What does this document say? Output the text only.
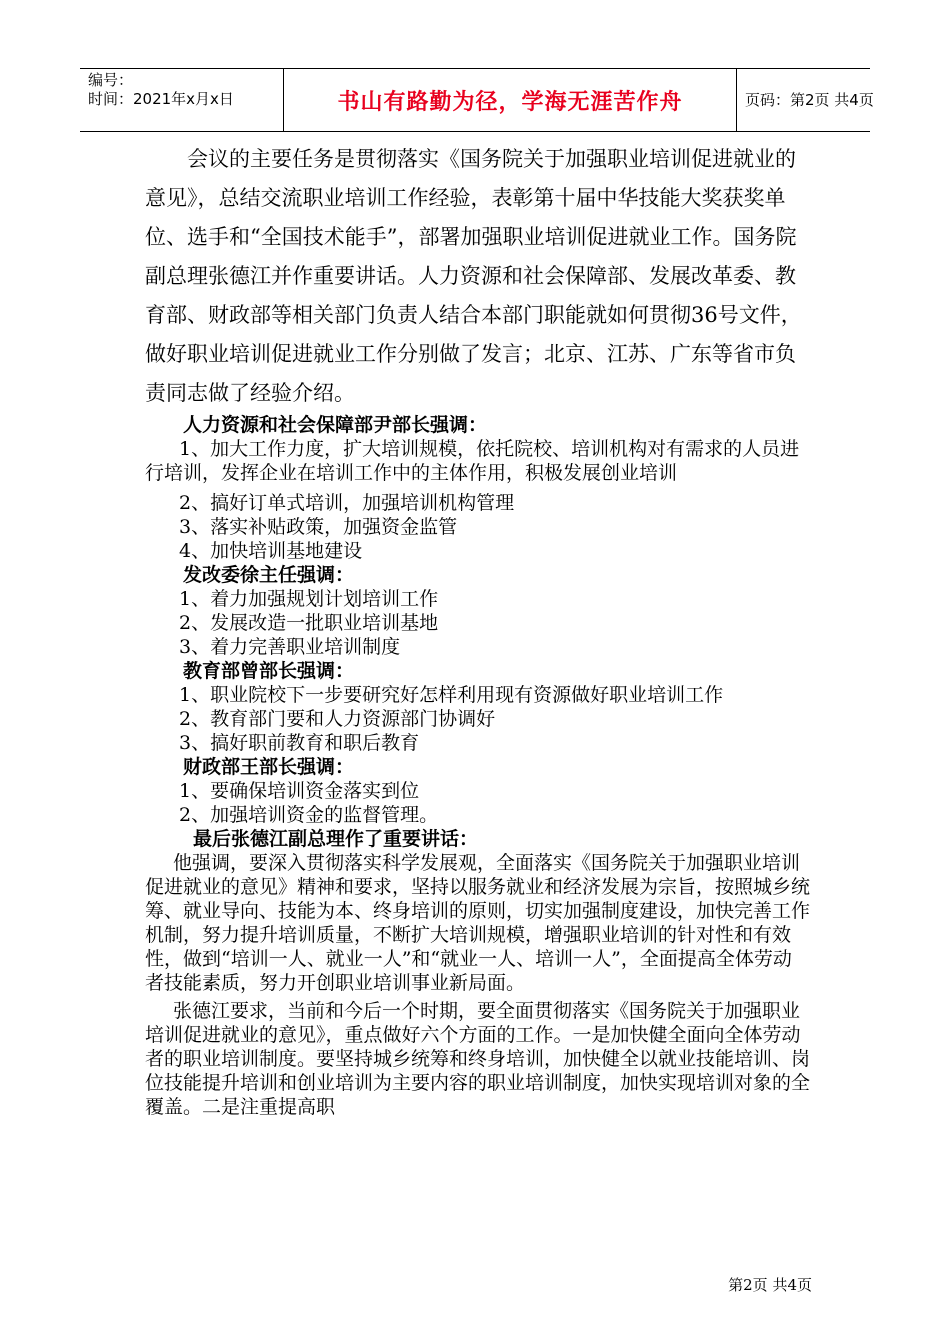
编号：
时间：2021年x月x日	书山有路勤为径，学海无涯苦作舟	页码：第2页 共4页

会议的主要任务是贯彻落实《国务院关于加强职业培训促进就业的意见》，总结交流职业培训工作经验，表彰第十届中华技能大奖获奖单位、选手和“全国技术能手”，部署加强职业培训促进就业工作。国务院副总理张德江并作重要讲话。人力资源和社会保障部、发展改革委、教育部、财政部等相关部门负责人结合本部门职能就如何贯彻36号文件，做好职业培训促进就业工作分别做了发言；北京、江苏、广东等省市负责同志做了经验介绍。

人力资源和社会保障部尹部长强调：

1、加大工作力度，扩大培训规模，依托院校、培训机构对有需求的人员进行培训，发挥企业在培训工作中的主体作用，积极发展创业培训

2、搞好订单式培训，加强培训机构管理

3、落实补贴政策，加强资金监管

4、加快培训基地建设

发改委徐主任强调：

1、着力加强规划计划培训工作

2、发展改造一批职业培训基地

3、着力完善职业培训制度

教育部曾部长强调：

1、职业院校下一步要研究好怎样利用现有资源做好职业培训工作

2、教育部门要和人力资源部门协调好

3、搞好职前教育和职后教育

财政部王部长强调：

1、要确保培训资金落实到位

2、加强培训资金的监督管理。

最后张德江副总理作了重要讲话：

他强调，要深入贯彻落实科学发展观，全面落实《国务院关于加强职业培训促进就业的意见》精神和要求，坚持以服务就业和经济发展为宗旨，按照城乡统筹、就业导向、技能为本、终身培训的原则，切实加强制度建设，加快完善工作机制，努力提升培训质量，不断扩大培训规模，增强职业培训的针对性和有效性，做到“培训一人、就业一人”和“就业一人、培训一人”，全面提高全体劳动者技能素质，努力开创职业培训事业新局面。

张德江要求，当前和今后一个时期，要全面贯彻落实《国务院关于加强职业培训促进就业的意见》，重点做好六个方面的工作。一是加快健全面向全体劳动者的职业培训制度。要坚持城乡统筹和终身培训，加快健全以就业技能培训、岗位技能提升培训和创业培训为主要内容的职业培训制度，加快实现培训对象的全覆盖。二是注重提高职

第2页 共4页
